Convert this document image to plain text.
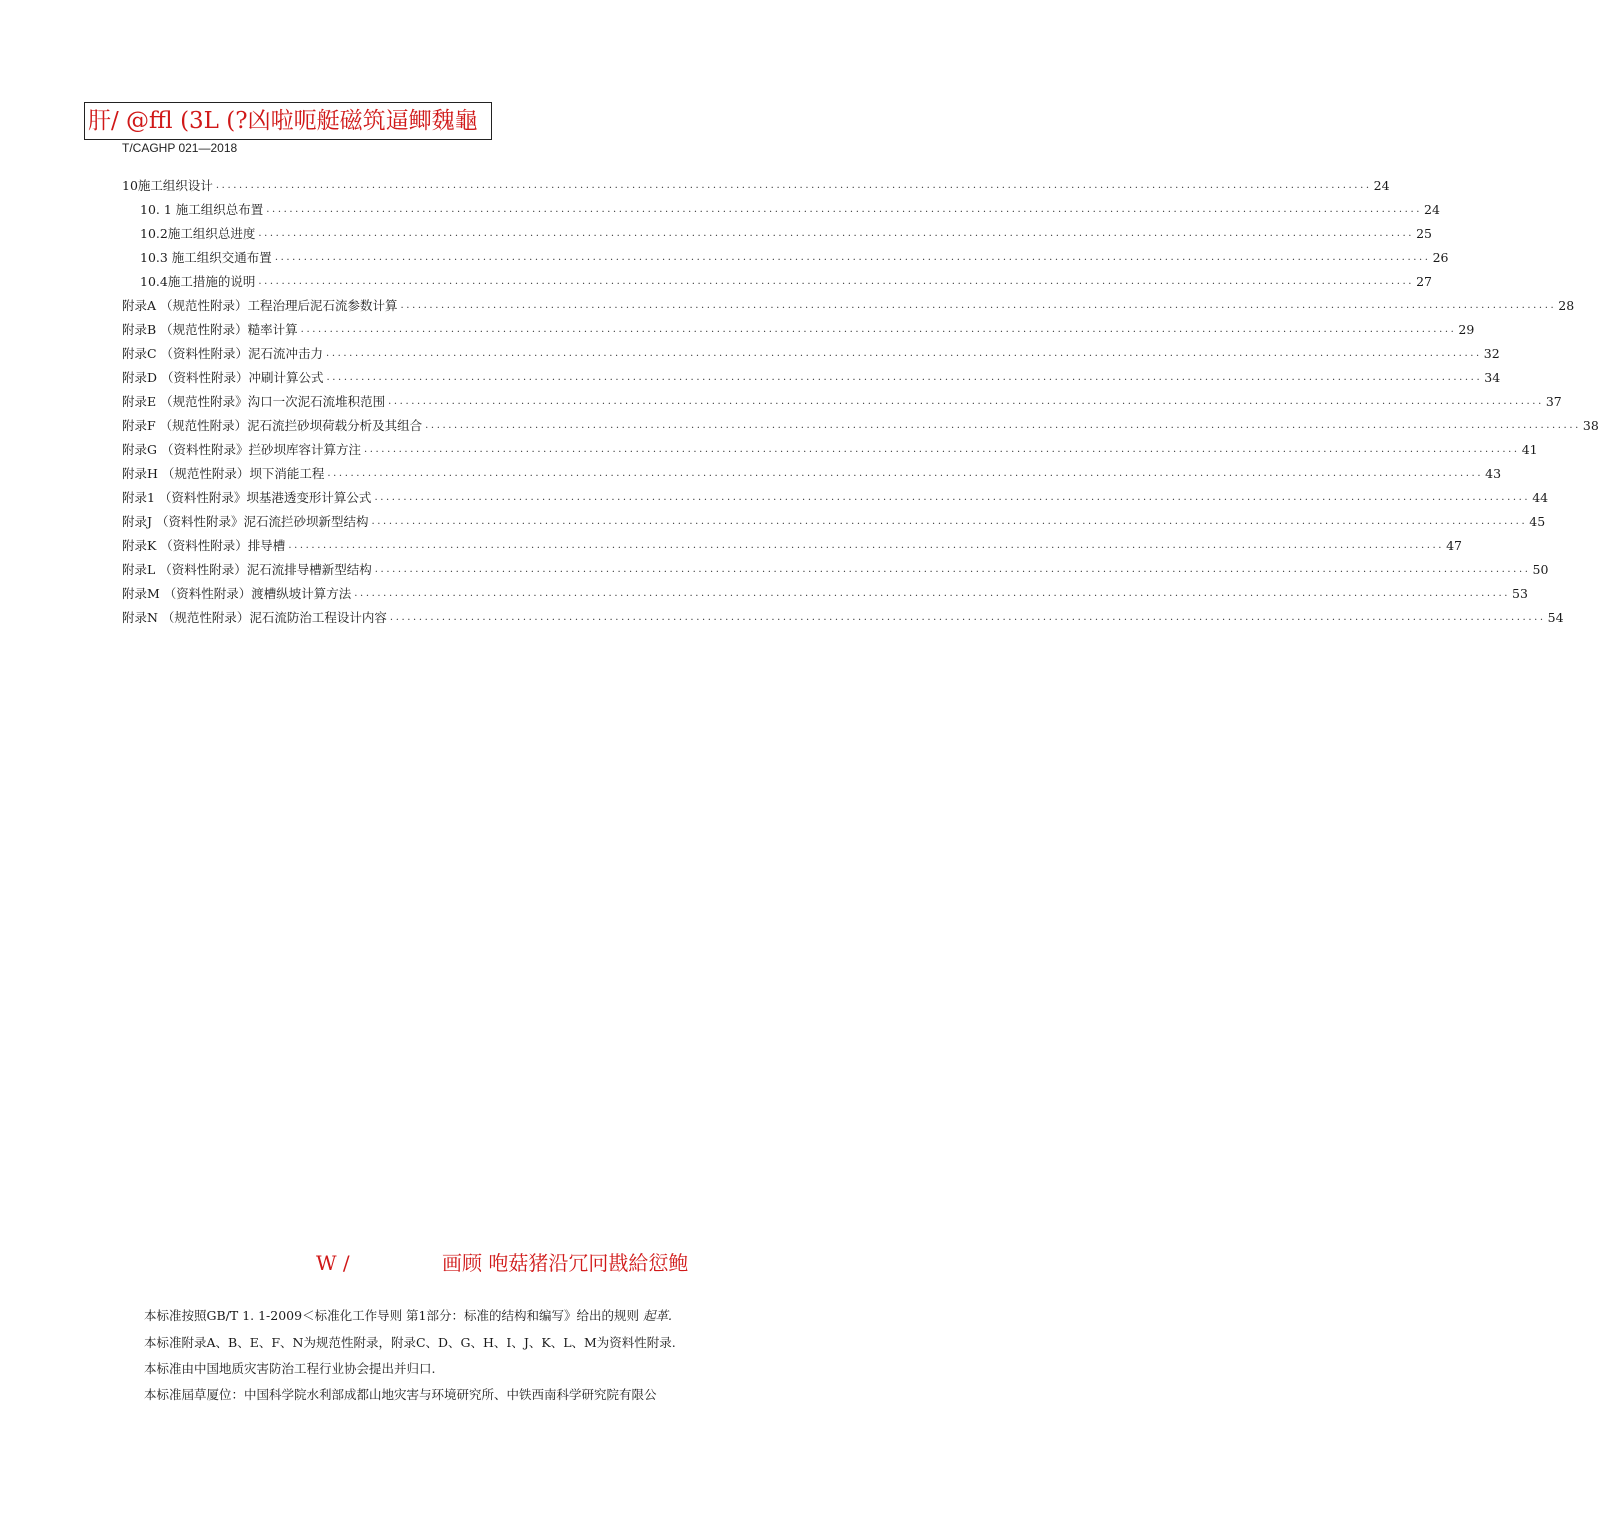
肝/ @ffl (3L (?凶啦呃艇磁筑逼鲫魏龜
T/CAGHP 021—2018
10施工组织设计 ........................................................................................................................................................................................................ 24
10. 1 施工组织总布置 ........................................................................................................................................................................................................ 24
10.2施工组织总进度 ........................................................................................................................................................................................................ 25
10.3 施工组织交通布置 ........................................................................................................................................................................................................ 26
10.4施工措施的说明 ........................................................................................................................................................................................................ 27
附录A （规范性附录）工程治理后泥石流参数计算 ........................................................................................................................................................................................................ 28
附录B （规范性附录）糙率计算 ........................................................................................................................................................................................................ 29
附录C （资料性附录）泥石流冲击力 ........................................................................................................................................................................................................ 32
附录D （资料性附录）冲刷计算公式 ........................................................................................................................................................................................................ 34
附录E （规范性附录》沟口一次泥石流堆积范围 ........................................................................................................................................................................................................ 37
附录F （规范性附录）泥石流拦砂坝荷载分析及其组合 ........................................................................................................................................................................................................ 38
附录G （资料性附录》拦砂坝库容计算方注 ........................................................................................................................................................................................................ 41
附录H （规范性附录）坝下消能工程 ........................................................................................................................................................................................................ 43
附录1 （资料性附录》坝基港透变形计算公式 ........................................................................................................................................................................................................ 44
附录J （资料性附录》泥石流拦砂坝新型结构 ........................................................................................................................................................................................................ 45
附录K （资料性附录）排导槽 ........................................................................................................................................................................................................ 47
附录L （资料性附录）泥石流排导槽新型结构 ........................................................................................................................................................................................................ 50
附录M （资料性附录）渡槽纵坡计算方法 ........................................................................................................................................................................................................ 53
附录N （规范性附录）泥石流防治工程设计内容 ........................................................................................................................................................................................................ 54
W /	画顾 咆菇猪沿冗冋戡給愆鲍
本标准按照GB/T 1. 1-2009＜标准化工作导则 第1部分：标准的结构和编写》给出的规则 起革.
本标准附录A、B、E、F、N为规范性附录，附录C、D、G、H、I、J、K、L、M为资料性附录.
本标准由中国地质灾害防治工程行业协会提出并归口.
本标准屆草厦位：中国科学院水利部成都山地灾害与环境研究所、中铁西南科学研究院有限公
